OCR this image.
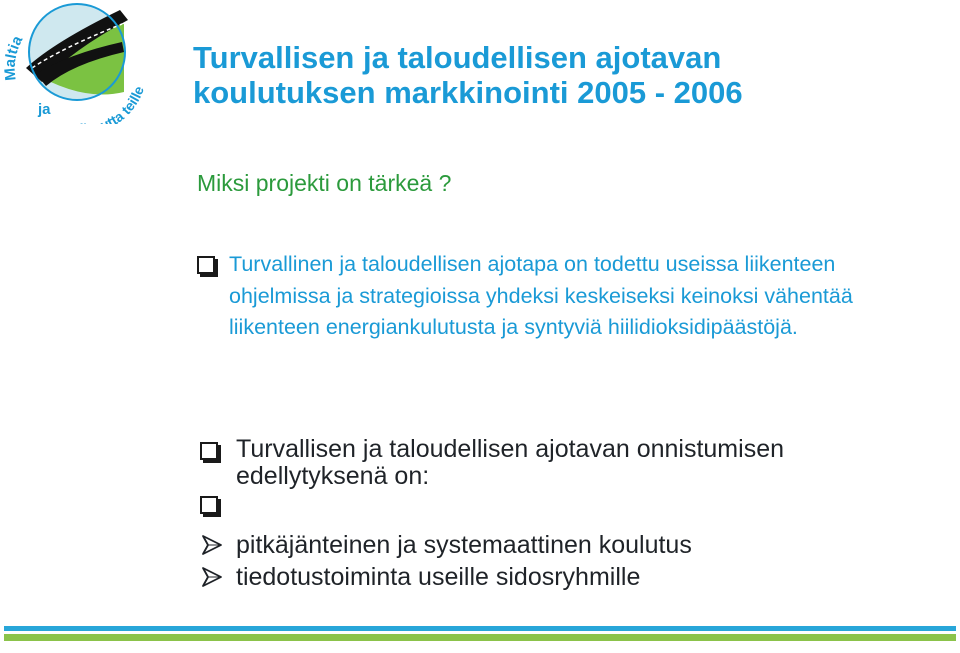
Maltia
ja
tta teill
Turvallisen ja taloudellisen ajotavan
koulutuksen markkinointi 2005 - 2006
Miksi projekti on tärkeä ?
Turvallinen ja taloudellisen ajotapa on todettu useissa liikenteen ohjelmissa ja strategioissa yhdeksi keskeiseksi keinoksi vähentää liikenteen energiankulutusta ja syntyviä hiilidioksidipäästöjä.
Turvallisen ja taloudellisen ajotavan onnistumisen edellytyksenä on:
pitkäjänteinen ja systemaattinen koulutus
tiedotustoiminta useille sidosryhmille
